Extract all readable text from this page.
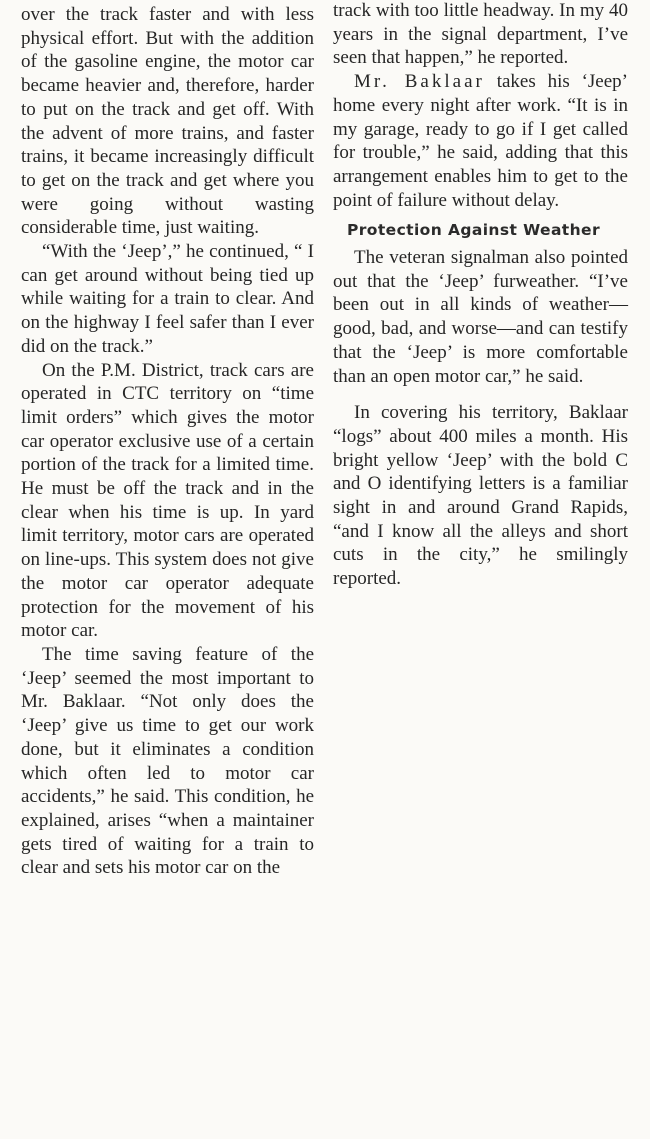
over the track faster and with less physical effort. But with the addition of the gasoline engine, the motor car became heavier and, therefore, harder to put on the track and get off. With the advent of more trains, and faster trains, it became increasingly difficult to get on the track and get where you were going without wasting considerable time, just waiting.

“With the ‘Jeep’,” he continued, “ I can get around without being tied up while waiting for a train to clear. And on the highway I feel safer than I ever did on the track.”

On the P.M. District, track cars are operated in CTC territory on “time limit orders” which gives the motor car operator exclusive use of a certain portion of the track for a limited time. He must be off the track and in the clear when his time is up. In yard limit territory, motor cars are operated on line-ups. This system does not give the motor car operator adequate protection for the movement of his motor car.

The time saving feature of the ‘Jeep’ seemed the most important to Mr. Baklaar. “Not only does the ‘Jeep’ give us time to get our work done, but it eliminates a condition which often led to motor car accidents,” he said. This condition, he explained, arises “when a maintainer gets tired of waiting for a train to clear and sets his motor car on the

track with too little headway. In my 40 years in the signal department, I’ve seen that happen,” he reported.

Mr. Baklaar takes his ‘Jeep’ home every night after work. “It is in my garage, ready to go if I get called for trouble,” he said, adding that this arrangement enables him to get to the point of failure without delay.

Protection Against Weather

The veteran signalman also pointed out that the ‘Jeep’ furweather. “I’ve been out in all kinds of weather—good, bad, and worse—and can testify that the ‘Jeep’ is more comfortable than an open motor car,” he said.

In covering his territory, Baklaar “logs” about 400 miles a month. His bright yellow ‘Jeep’ with the bold C and O identifying letters is a familiar sight in and around Grand Rapids, “and I know all the alleys and short cuts in the city,” he smilingly reported.
